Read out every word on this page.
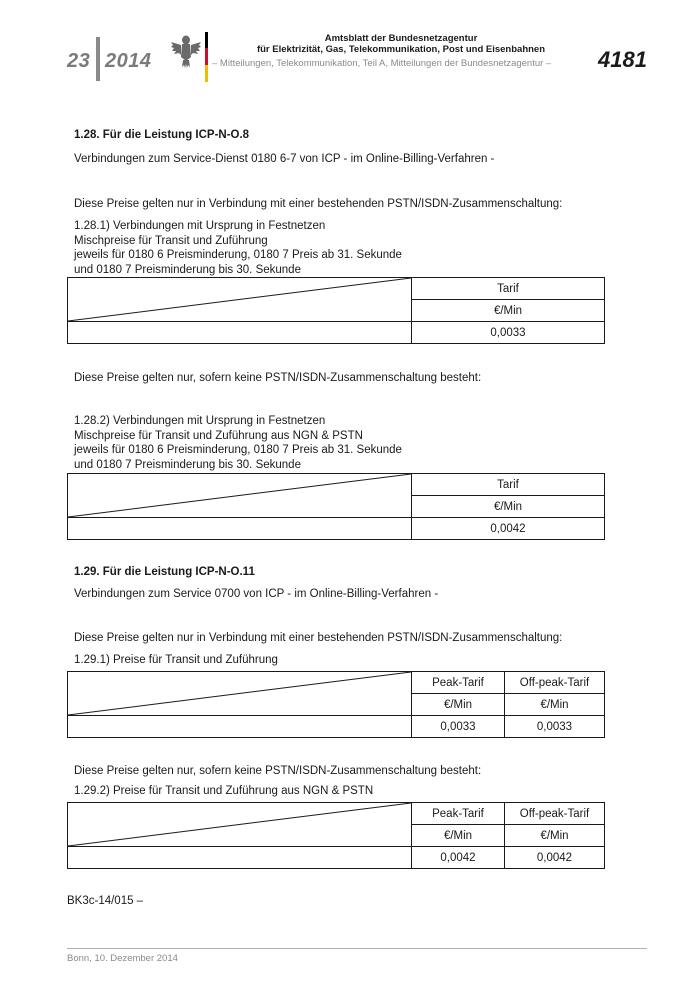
23 2014
Amtsblatt der Bundesnetzagentur
für Elektrizität, Gas, Telekommunikation, Post und Eisenbahnen
– Mitteilungen, Telekommunikation, Teil A, Mitteilungen der Bundesnetzagentur – 4181
1.28. Für die Leistung ICP-N-O.8
Verbindungen zum Service-Dienst 0180 6-7 von ICP - im Online-Billing-Verfahren -
Diese Preise gelten nur in Verbindung mit einer bestehenden PSTN/ISDN-Zusammenschaltung:
1.28.1) Verbindungen mit Ursprung in Festnetzen
Mischpreise für Transit und Zuführung
jeweils für 0180 6 Preisminderung, 0180 7 Preis ab 31. Sekunde
und 0180 7 Preisminderung bis 30. Sekunde
	Tarif
	€/Min
	0,0033
Diese Preise gelten nur, sofern keine PSTN/ISDN-Zusammenschaltung besteht:
1.28.2) Verbindungen mit Ursprung in Festnetzen
Mischpreise für Transit und Zuführung aus NGN & PSTN
jeweils für 0180 6 Preisminderung, 0180 7 Preis ab 31. Sekunde
und 0180 7 Preisminderung bis 30. Sekunde
	Tarif
	€/Min
	0,0042
1.29. Für die Leistung ICP-N-O.11
Verbindungen zum Service 0700 von ICP - im Online-Billing-Verfahren -
Diese Preise gelten nur in Verbindung mit einer bestehenden PSTN/ISDN-Zusammenschaltung:
1.29.1) Preise für Transit und Zuführung
	Peak-Tarif	Off-peak-Tarif
	€/Min	€/Min
	0,0033	0,0033
Diese Preise gelten nur, sofern keine PSTN/ISDN-Zusammenschaltung besteht:
1.29.2) Preise für Transit und Zuführung aus NGN & PSTN
	Peak-Tarif	Off-peak-Tarif
	€/Min	€/Min
	0,0042	0,0042
BK3c-14/015 –
Bonn, 10. Dezember 2014
